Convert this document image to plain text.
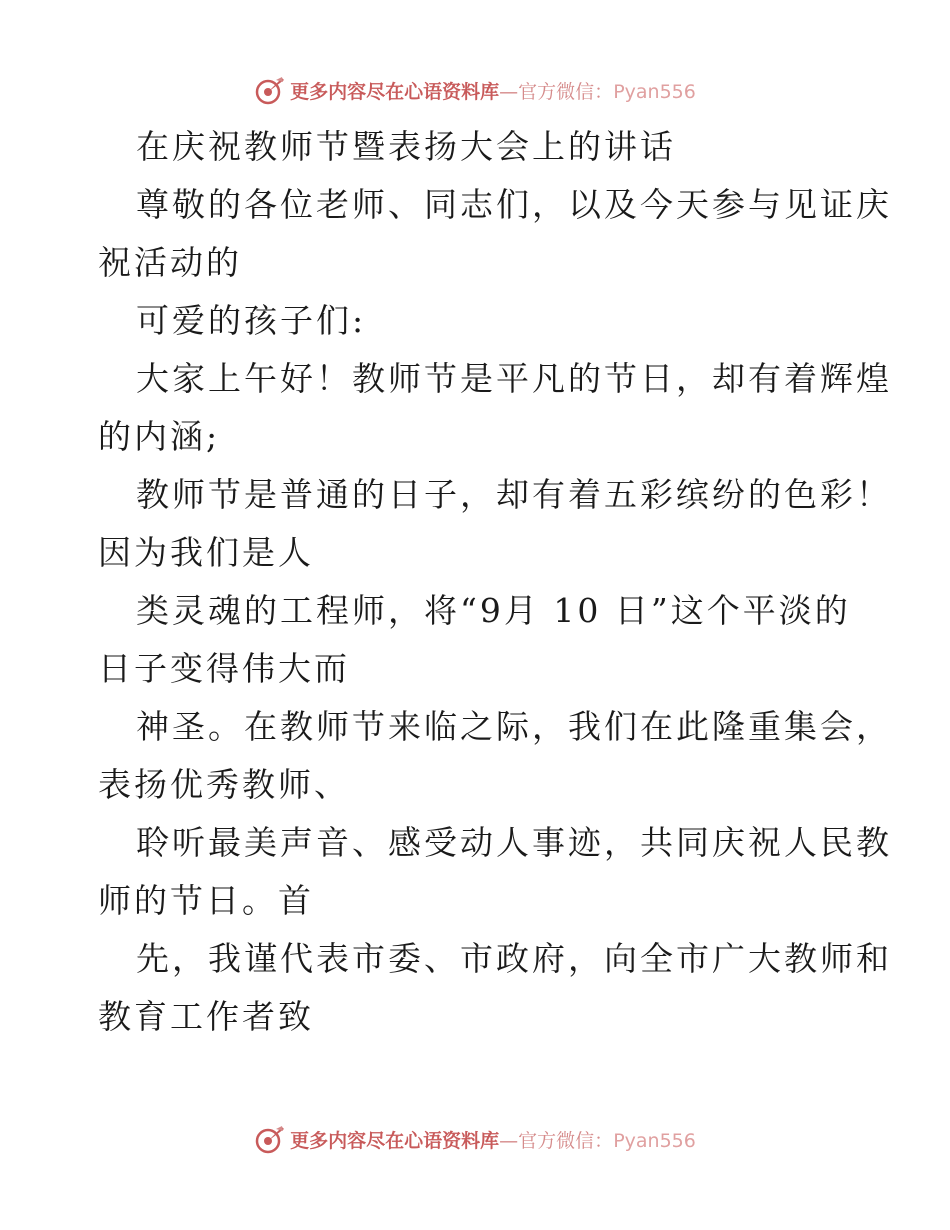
更多内容尽在心语资料库—官方微信：Pyan556
在庆祝教师节暨表扬大会上的讲话
尊敬的各位老师、同志们，以及今天参与见证庆
祝活动的
可爱的孩子们:
大家上午好！教师节是平凡的节日，却有着辉煌
的内涵;
教师节是普通的日子，却有着五彩缤纷的色彩！
因为我们是人
类灵魂的工程师，将“9月 10 日”这个平淡的
日子变得伟大而
神圣。在教师节来临之际，我们在此隆重集会，
表扬优秀教师、
聆听最美声音、感受动人事迹，共同庆祝人民教
师的节日。首
先，我谨代表市委、市政府，向全市广大教师和
教育工作者致
更多内容尽在心语资料库—官方微信：Pyan556
